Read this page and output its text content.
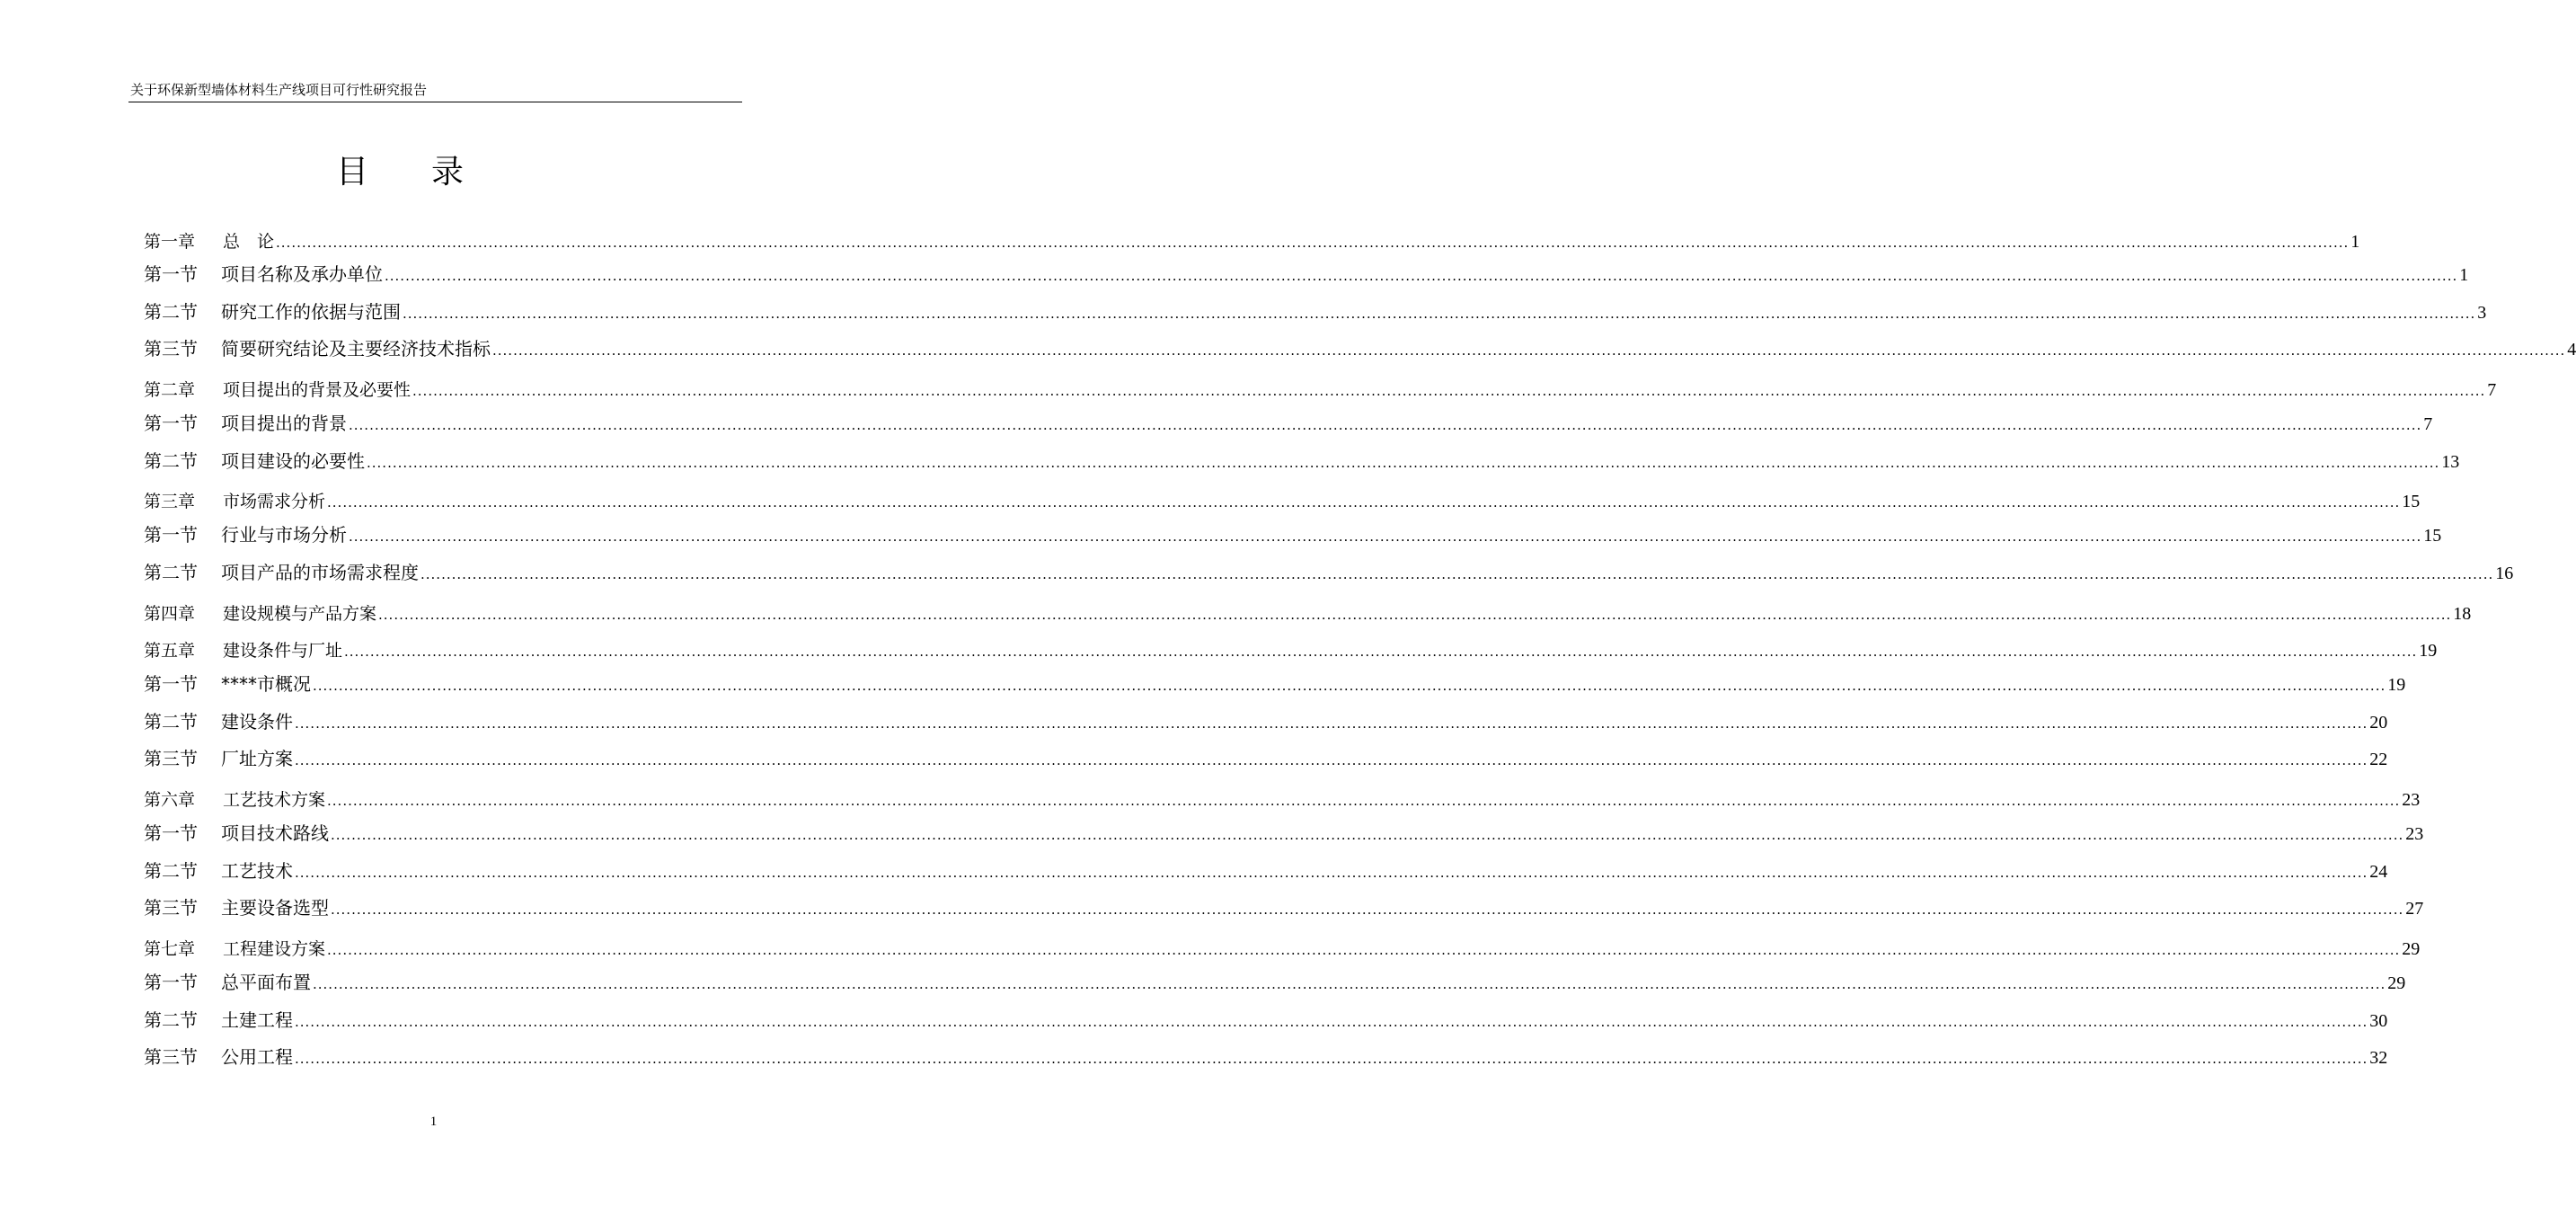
关于环保新型墙体材料生产线项目可行性研究报告
目录
第一章 总　论 ................................................................................................................................................................................................................................................................................................................................................................................................................ 1
第一节 项目名称及承办单位 ................................................................................................................................................................................................................................................................................................................................................................................................................ 1
第二节 研究工作的依据与范围 ................................................................................................................................................................................................................................................................................................................................................................................................................ 3
第三节 简要研究结论及主要经济技术指标 ................................................................................................................................................................................................................................................................................................................................................................................................................ 4
第二章 项目提出的背景及必要性 ................................................................................................................................................................................................................................................................................................................................................................................................................ 7
第一节 项目提出的背景 ................................................................................................................................................................................................................................................................................................................................................................................................................ 7
第二节 项目建设的必要性 ................................................................................................................................................................................................................................................................................................................................................................................................................ 13
第三章 市场需求分析 ................................................................................................................................................................................................................................................................................................................................................................................................................ 15
第一节 行业与市场分析 ................................................................................................................................................................................................................................................................................................................................................................................................................ 15
第二节 项目产品的市场需求程度 ................................................................................................................................................................................................................................................................................................................................................................................................................ 16
第四章 建设规模与产品方案 ................................................................................................................................................................................................................................................................................................................................................................................................................ 18
第五章 建设条件与厂址 ................................................................................................................................................................................................................................................................................................................................................................................................................ 19
第一节 ****市概况 ................................................................................................................................................................................................................................................................................................................................................................................................................ 19
第二节 建设条件 ................................................................................................................................................................................................................................................................................................................................................................................................................ 20
第三节 厂址方案 ................................................................................................................................................................................................................................................................................................................................................................................................................ 22
第六章 工艺技术方案 ................................................................................................................................................................................................................................................................................................................................................................................................................ 23
第一节 项目技术路线 ................................................................................................................................................................................................................................................................................................................................................................................................................ 23
第二节 工艺技术 ................................................................................................................................................................................................................................................................................................................................................................................................................ 24
第三节 主要设备选型 ................................................................................................................................................................................................................................................................................................................................................................................................................ 27
第七章 工程建设方案 ................................................................................................................................................................................................................................................................................................................................................................................................................ 29
第一节 总平面布置 ................................................................................................................................................................................................................................................................................................................................................................................................................ 29
第二节 土建工程 ................................................................................................................................................................................................................................................................................................................................................................................................................ 30
第三节 公用工程 ................................................................................................................................................................................................................................................................................................................................................................................................................ 32
1
